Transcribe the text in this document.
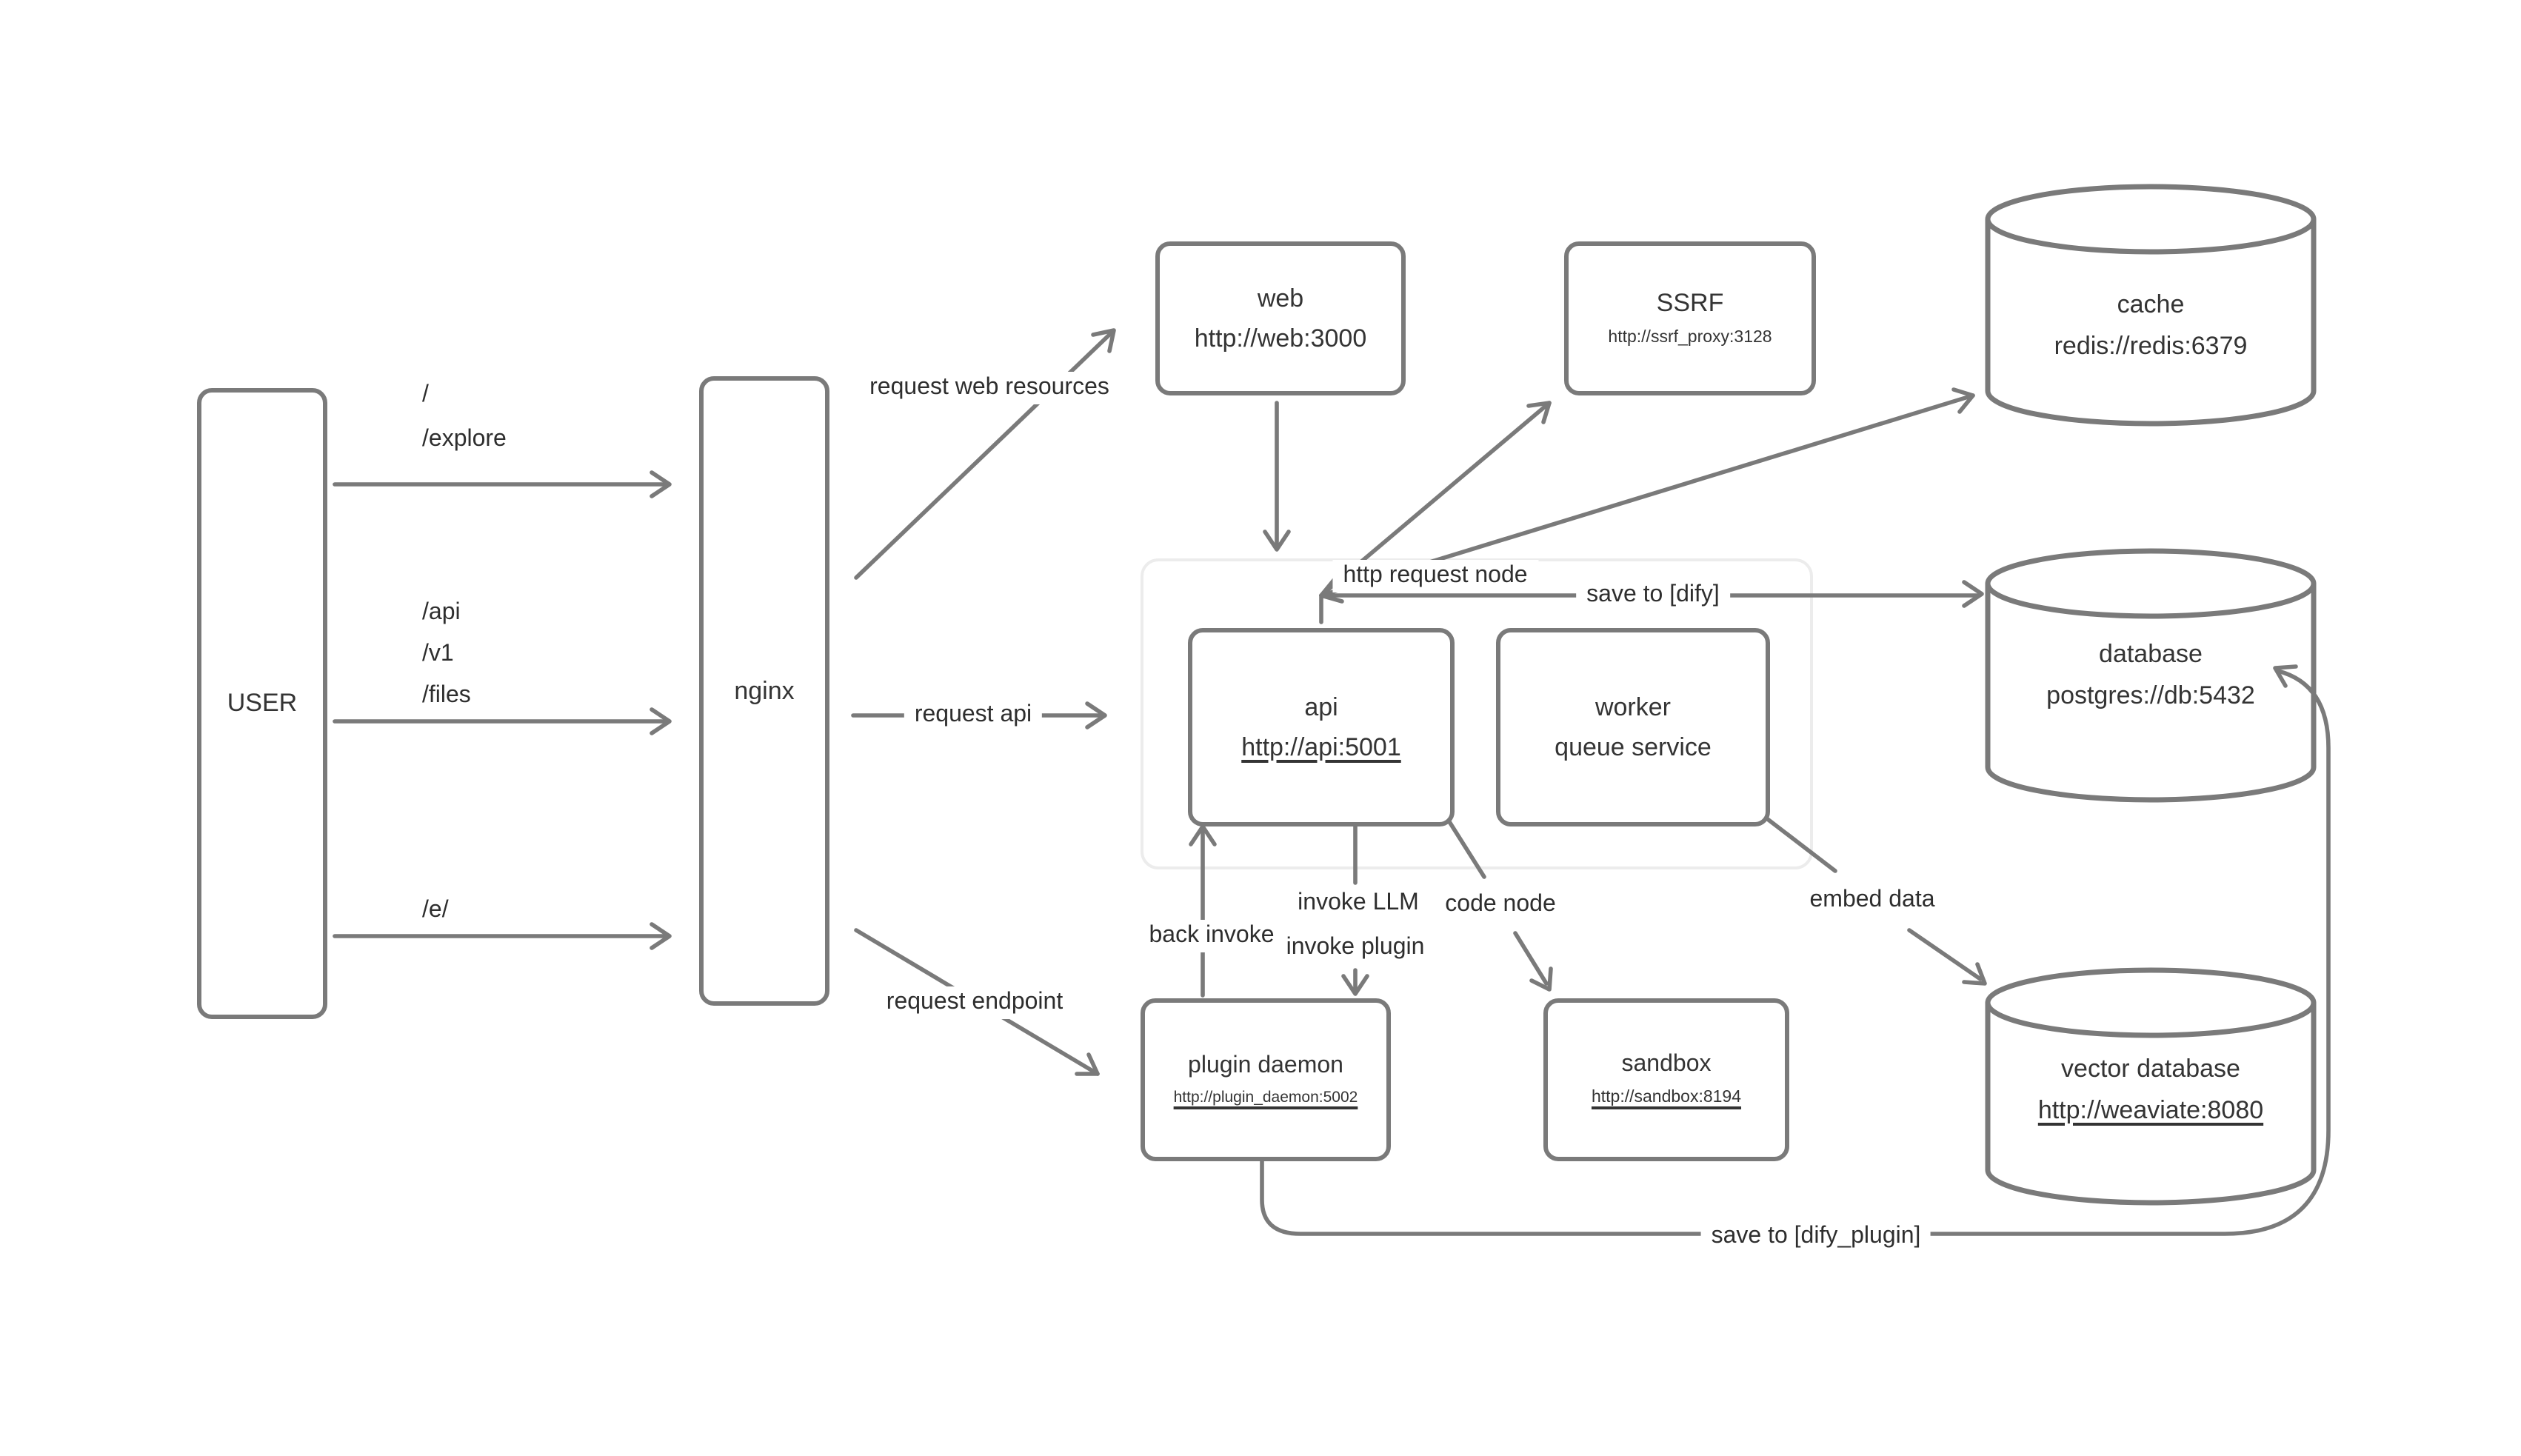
USER	nginx
web
http://web:3000
SSRF
http://ssrf_proxy:3128
api
http://api:5001
worker
queue service
plugin daemon
http://plugin_daemon:5002
sandbox
http://sandbox:8194
cache
redis://redis:6379
database
postgres://db:5432
vector database
http://weaviate:8080
/
/explore
/api
/v1
/files
/e/
request web resources
request api
request endpoint
http request node
save to [dify]
back invoke
invoke LLM
invoke plugin
code node	embed data
save to [dify_plugin]
